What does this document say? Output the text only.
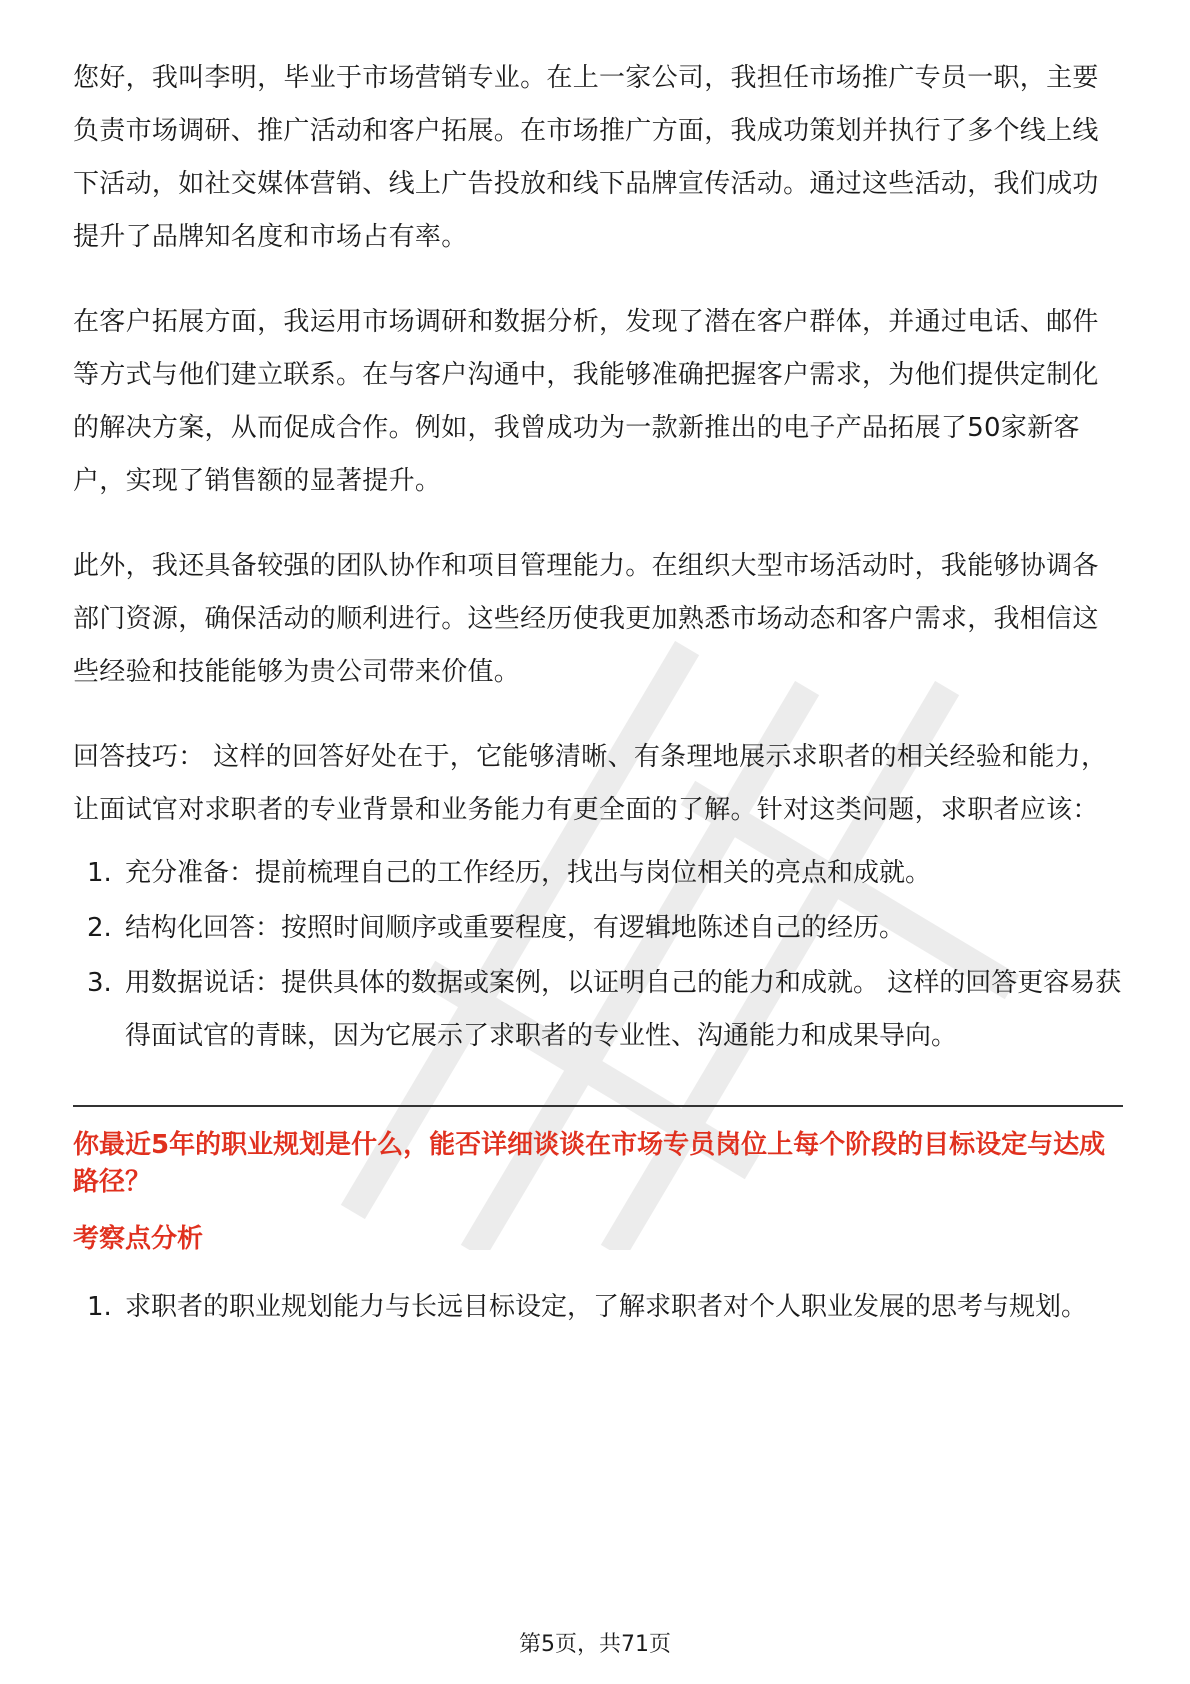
您好，我叫李明，毕业于市场营销专业。在上一家公司，我担任市场推广专员一职，主要负责市场调研、推广活动和客户拓展。在市场推广方面，我成功策划并执行了多个线上线下活动，如社交媒体营销、线上广告投放和线下品牌宣传活动。通过这些活动，我们成功提升了品牌知名度和市场占有率。

在客户拓展方面，我运用市场调研和数据分析，发现了潜在客户群体，并通过电话、邮件等方式与他们建立联系。在与客户沟通中，我能够准确把握客户需求，为他们提供定制化的解决方案，从而促成合作。例如，我曾成功为一款新推出的电子产品拓展了50家新客户，实现了销售额的显著提升。

此外，我还具备较强的团队协作和项目管理能力。在组织大型市场活动时，我能够协调各部门资源，确保活动的顺利进行。这些经历使我更加熟悉市场动态和客户需求，我相信这些经验和技能能够为贵公司带来价值。

回答技巧： 这样的回答好处在于，它能够清晰、有条理地展示求职者的相关经验和能力，让面试官对求职者的专业背景和业务能力有更全面的了解。针对这类问题，求职者应该：

1. 充分准备：提前梳理自己的工作经历，找出与岗位相关的亮点和成就。
2. 结构化回答：按照时间顺序或重要程度，有逻辑地陈述自己的经历。
3. 用数据说话：提供具体的数据或案例，以证明自己的能力和成就。 这样的回答更容易获得面试官的青睐，因为它展示了求职者的专业性、沟通能力和成果导向。

你最近5年的职业规划是什么，能否详细谈谈在市场专员岗位上每个阶段的目标设定与达成路径？

考察点分析

1. 求职者的职业规划能力与长远目标设定，了解求职者对个人职业发展的思考与规划。
第5页，共71页
